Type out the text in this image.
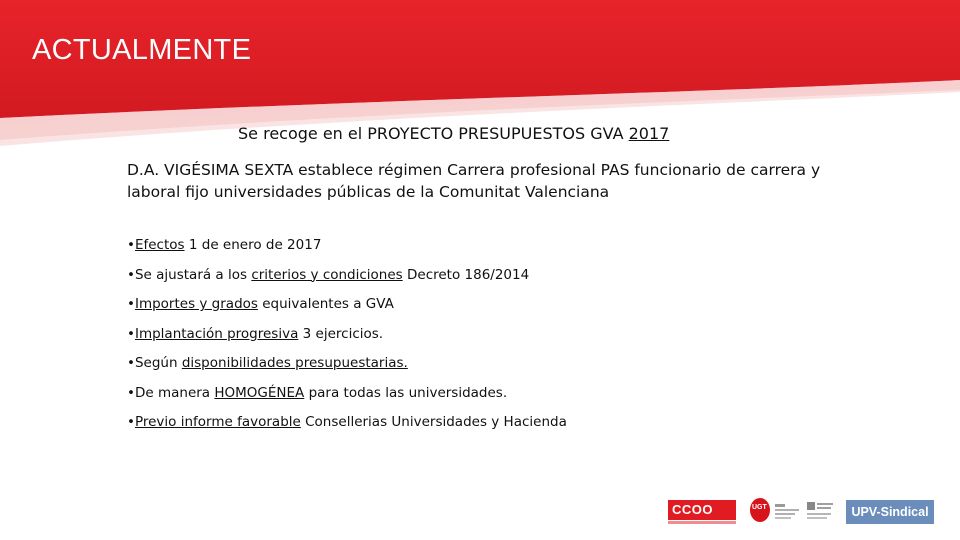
ACTUALMENTE
Se recoge en el PROYECTO PRESUPUESTOS GVA 2017
D.A. VIGÉSIMA SEXTA establece régimen Carrera profesional PAS funcionario de carrera y laboral fijo universidades públicas de la Comunitat Valenciana
•Efectos 1 de enero de 2017
•Se ajustará a los criterios y condiciones Decreto 186/2014
•Importes y grados equivalentes a GVA
•Implantación progresiva 3 ejercicios.
•Según disponibilidades presupuestarias.
•De manera HOMOGÉNEA para todas las universidades.
•Previo informe favorable Consellerias Universidades y Hacienda
CCOO	UGT	UPV-Sindical
